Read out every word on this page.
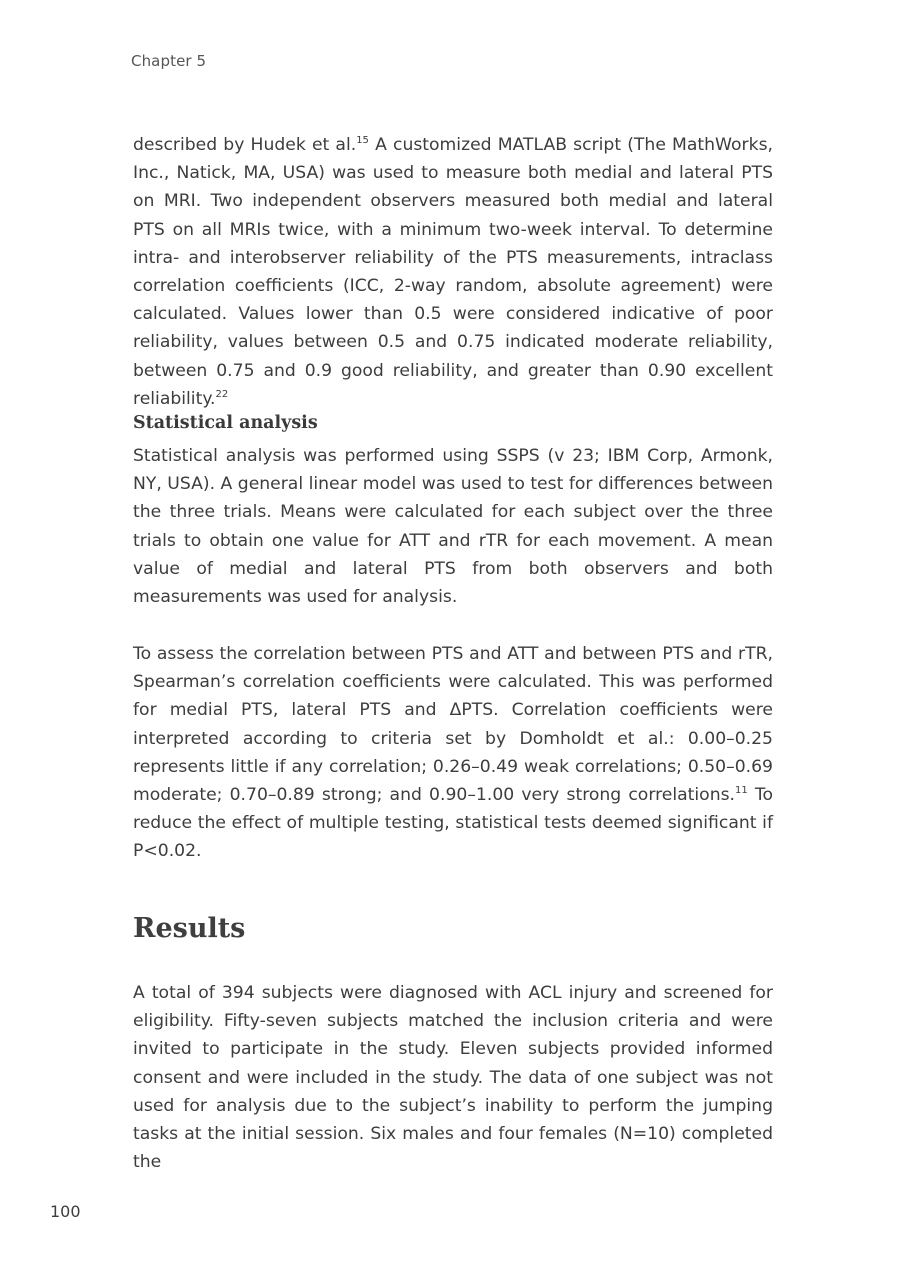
Chapter 5

described by Hudek et al.$^{15}$ A customized MATLAB script (The MathWorks, Inc., Natick, MA, USA) was used to measure both medial and lateral PTS on MRI. Two independent observers measured both medial and lateral PTS on all MRIs twice, with a minimum two-week interval. To determine intra- and interobserver reliability of the PTS measurements, intraclass correlation coefficients (ICC, 2-way random, absolute agreement) were calculated. Values lower than 0.5 were considered indicative of poor reliability, values between 0.5 and 0.75 indicated moderate reliability, between 0.75 and 0.9 good reliability, and greater than 0.90 excellent reliability.$^{22}$

Statistical analysis

Statistical analysis was performed using SSPS (v 23; IBM Corp, Armonk, NY, USA). A general linear model was used to test for differences between the three trials. Means were calculated for each subject over the three trials to obtain one value for ATT and rTR for each movement. A mean value of medial and lateral PTS from both observers and both measurements was used for analysis.

To assess the correlation between PTS and ATT and between PTS and rTR, Spearman’s correlation coefficients were calculated. This was performed for medial PTS, lateral PTS and ΔPTS. Correlation coefficients were interpreted according to criteria set by Domholdt et al.: 0.00–0.25 represents little if any correlation; 0.26–0.49 weak correlations; 0.50–0.69 moderate; 0.70–0.89 strong; and 0.90–1.00 very strong correlations.$^{11}$ To reduce the effect of multiple testing, statistical tests deemed significant if P<0.02.

Results

A total of 394 subjects were diagnosed with ACL injury and screened for eligibility. Fifty-seven subjects matched the inclusion criteria and were invited to participate in the study. Eleven subjects provided informed consent and were included in the study. The data of one subject was not used for analysis due to the subject’s inability to perform the jumping tasks at the initial session. Six males and four females (N=10) completed the

100
